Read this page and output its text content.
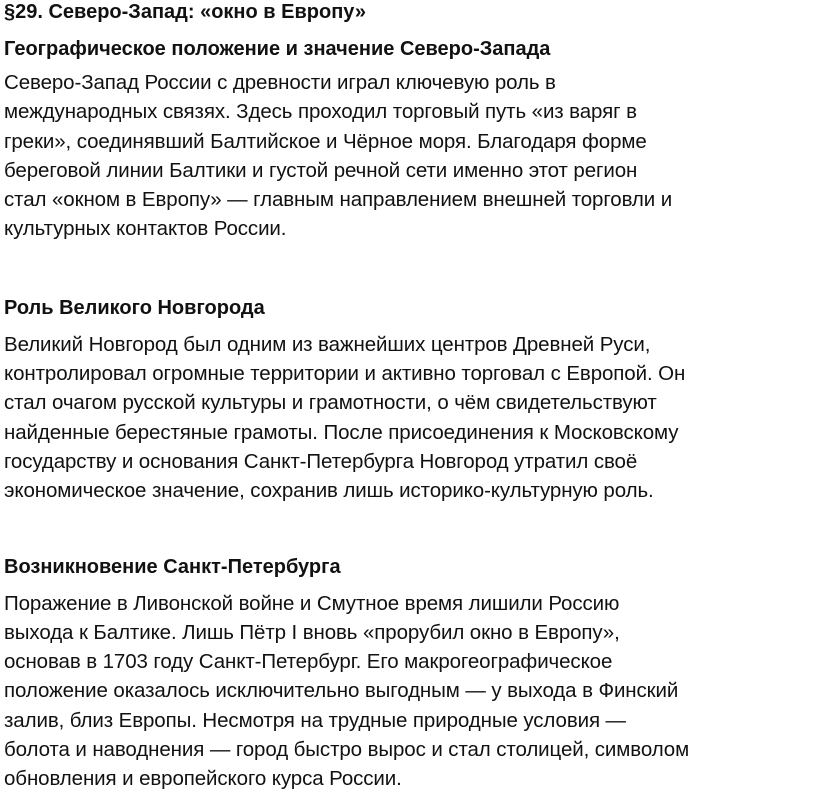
§29. Северо-Запад: «окно в Европу»
Географическое положение и значение Северо-Запада

Северо-Запад России с древности играл ключевую роль в
международных связях. Здесь проходил торговый путь «из варяг в
греки», соединявший Балтийское и Чёрное моря. Благодаря форме
береговой линии Балтики и густой речной сети именно этот регион
стал «окном в Европу» — главным направлением внешней торговли и
культурных контактов России.

Роль Великого Новгорода

Великий Новгород был одним из важнейших центров Древней Руси,
контролировал огромные территории и активно торговал с Европой. Он
стал очагом русской культуры и грамотности, о чём свидетельствуют
найденные берестяные грамоты. После присоединения к Московскому
государству и основания Санкт-Петербурга Новгород утратил своё
экономическое значение, сохранив лишь историко-культурную роль.

Возникновение Санкт-Петербурга

Поражение в Ливонской войне и Смутное время лишили Россию
выхода к Балтике. Лишь Пётр I вновь «прорубил окно в Европу»,
основав в 1703 году Санкт-Петербург. Его макрогеографическое
положение оказалось исключительно выгодным — у выхода в Финский
залив, близ Европы. Несмотря на трудные природные условия —
болота и наводнения — город быстро вырос и стал столицей, символом
обновления и европейского курса России.
